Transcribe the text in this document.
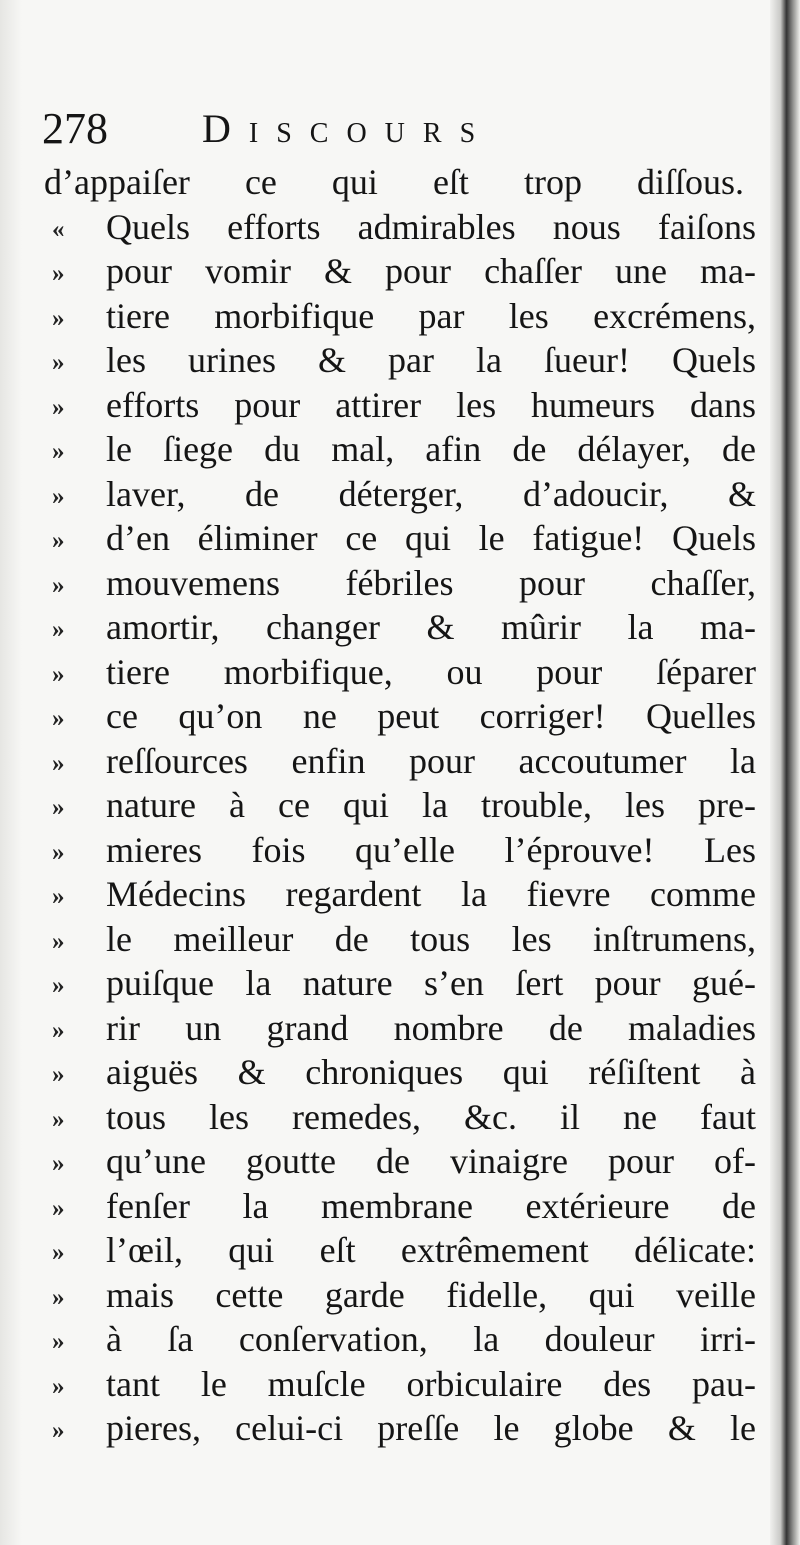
278 Discours
d’appaiſer ce qui eſt trop diſſous.
«	Quels efforts admirables nous faiſons
»	pour vomir & pour chaſſer une ma-
»	tiere morbifique par les excrémens,
»	les urines & par la ſueur! Quels
»	efforts pour attirer les humeurs dans
»	le ſiege du mal, afin de délayer, de
»	laver, de déterger, d’adoucir, &
»	d’en éliminer ce qui le fatigue! Quels
»	mouvemens fébriles pour chaſſer,
»	amortir, changer & mûrir la ma-
»	tiere morbifique, ou pour ſéparer
»	ce qu’on ne peut corriger! Quelles
»	reſſources enfin pour accoutumer la
»	nature à ce qui la trouble, les pre-
»	mieres fois qu’elle l’éprouve! Les
»	Médecins regardent la fievre comme
»	le meilleur de tous les inſtrumens,
»	puiſque la nature s’en ſert pour gué-
»	rir un grand nombre de maladies
»	aiguës & chroniques qui réſiſtent à
»	tous les remedes, &c. il ne faut
»	qu’une goutte de vinaigre pour of-
»	fenſer la membrane extérieure de
»	l’œil, qui eſt extrêmement délicate:
»	mais cette garde fidelle, qui veille
»	à ſa conſervation, la douleur irri-
»	tant le muſcle orbiculaire des pau-
»	pieres, celui-ci preſſe le globe & le
